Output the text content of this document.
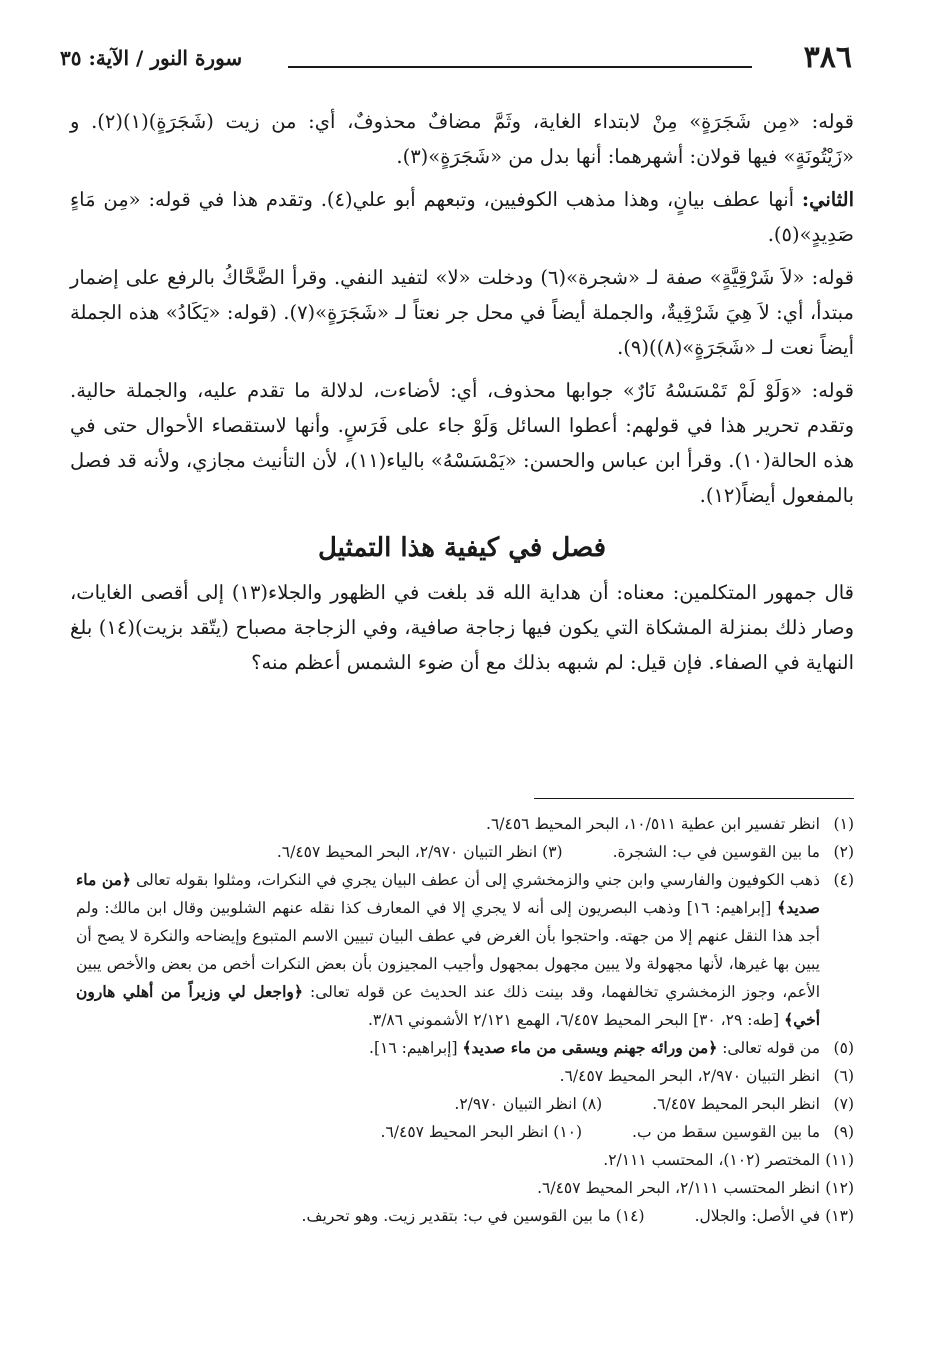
٣٨٦
سورة النور / الآية: ٣٥

قوله: «مِن شَجَرَةٍ» مِنْ لابتداء الغاية، وثَمَّ مضافٌ محذوفٌ، أي: من زيت (شَجَرَةٍ)(١)(٢). و «زَيْتُونَةٍ» فيها قولان: أشهرهما: أنها بدل من «شَجَرَةٍ»(٣).

الثاني: أنها عطف بيانٍ، وهذا مذهب الكوفيين، وتبعهم أبو علي(٤). وتقدم هذا في قوله: «مِن مَاءٍ صَدِيدٍ»(٥).

قوله: «لاَ شَرْقِيَّةٍ» صفة لـ «شجرة»(٦) ودخلت «لا» لتفيد النفي. وقرأ الضَّحَّاكُ بالرفع على إضمار مبتدأ، أي: لاَ هِيَ شَرْقِيةٌ، والجملة أيضاً في محل جر نعتاً لـ «شَجَرَةٍ»(٧). (قوله: «يَكَادُ» هذه الجملة أيضاً نعت لـ «شَجَرَةٍ»(٨))(٩).

قوله: «وَلَوْ لَمْ تَمْسَسْهُ نَارٌ» جوابها محذوف، أي: لأضاءت، لدلالة ما تقدم عليه، والجملة حالية. وتقدم تحرير هذا في قولهم: أعطوا السائل وَلَوْ جاء على فَرَسٍ. وأنها لاستقصاء الأحوال حتى في هذه الحالة(١٠). وقرأ ابن عباس والحسن: «يَمْسَسْهُ» بالياء(١١)، لأن التأنيث مجازي، ولأنه قد فصل بالمفعول أيضاً(١٢).

فصل في كيفية هذا التمثيل

قال جمهور المتكلمين: معناه: أن هداية الله قد بلغت في الظهور والجلاء(١٣) إلى أقصى الغايات، وصار ذلك بمنزلة المشكاة التي يكون فيها زجاجة صافية، وفي الزجاجة مصباح (يتّقد بزيت)(١٤) بلغ النهاية في الصفاء. فإن قيل: لم شبهه بذلك مع أن ضوء الشمس أعظم منه؟

(١)
انظر تفسير ابن عطية ١٠/٥١١، البحر المحيط ٦/٤٥٦.
(٢)
ما بين القوسين في ب: الشجرة.
(٣) انظر التبيان ٢/٩٧٠، البحر المحيط ٦/٤٥٧.
(٤)
ذهب الكوفيون والفارسي وابن جني والزمخشري إلى أن عطف البيان يجري في النكرات، ومثلوا بقوله تعالى ﴿من ماء صديد﴾ [إبراهيم: ١٦] وذهب البصريون إلى أنه لا يجري إلا في المعارف كذا نقله عنهم الشلوبين وقال ابن مالك: ولم أجد هذا النقل عنهم إلا من جهته. واحتجوا بأن الغرض في عطف البيان تبيين الاسم المتبوع وإيضاحه والنكرة لا يصح أن يبين بها غيرها، لأنها مجهولة ولا يبين مجهول بمجهول وأجيب المجيزون بأن بعض النكرات أخص من بعض والأخص يبين الأعم، وجوز الزمخشري تخالفهما، وقد بينت ذلك عند الحديث عن قوله تعالى: ﴿واجعل لي وزيراً من أهلي هارون أخي﴾ [طه: ٢٩، ٣٠] البحر المحيط ٦/٤٥٧، الهمع ٢/١٢١ الأشموني ٣/٨٦.
(٥)
من قوله تعالى: ﴿من ورائه جهنم ويسقى من ماء صديد﴾ [إبراهيم: ١٦].
(٦)
انظر التبيان ٢/٩٧٠، البحر المحيط ٦/٤٥٧.
(٧)
انظر البحر المحيط ٦/٤٥٧.
(٨) انظر التبيان ٢/٩٧٠.
(٩)
ما بين القوسين سقط من ب.
(١٠) انظر البحر المحيط ٦/٤٥٧.
(١١)
المختصر (١٠٢)، المحتسب ٢/١١١.
(١٢)
انظر المحتسب ٢/١١١، البحر المحيط ٦/٤٥٧.
(١٣)
في الأصل: والجلال.
(١٤) ما بين القوسين في ب: بتقدير زيت. وهو تحريف.
